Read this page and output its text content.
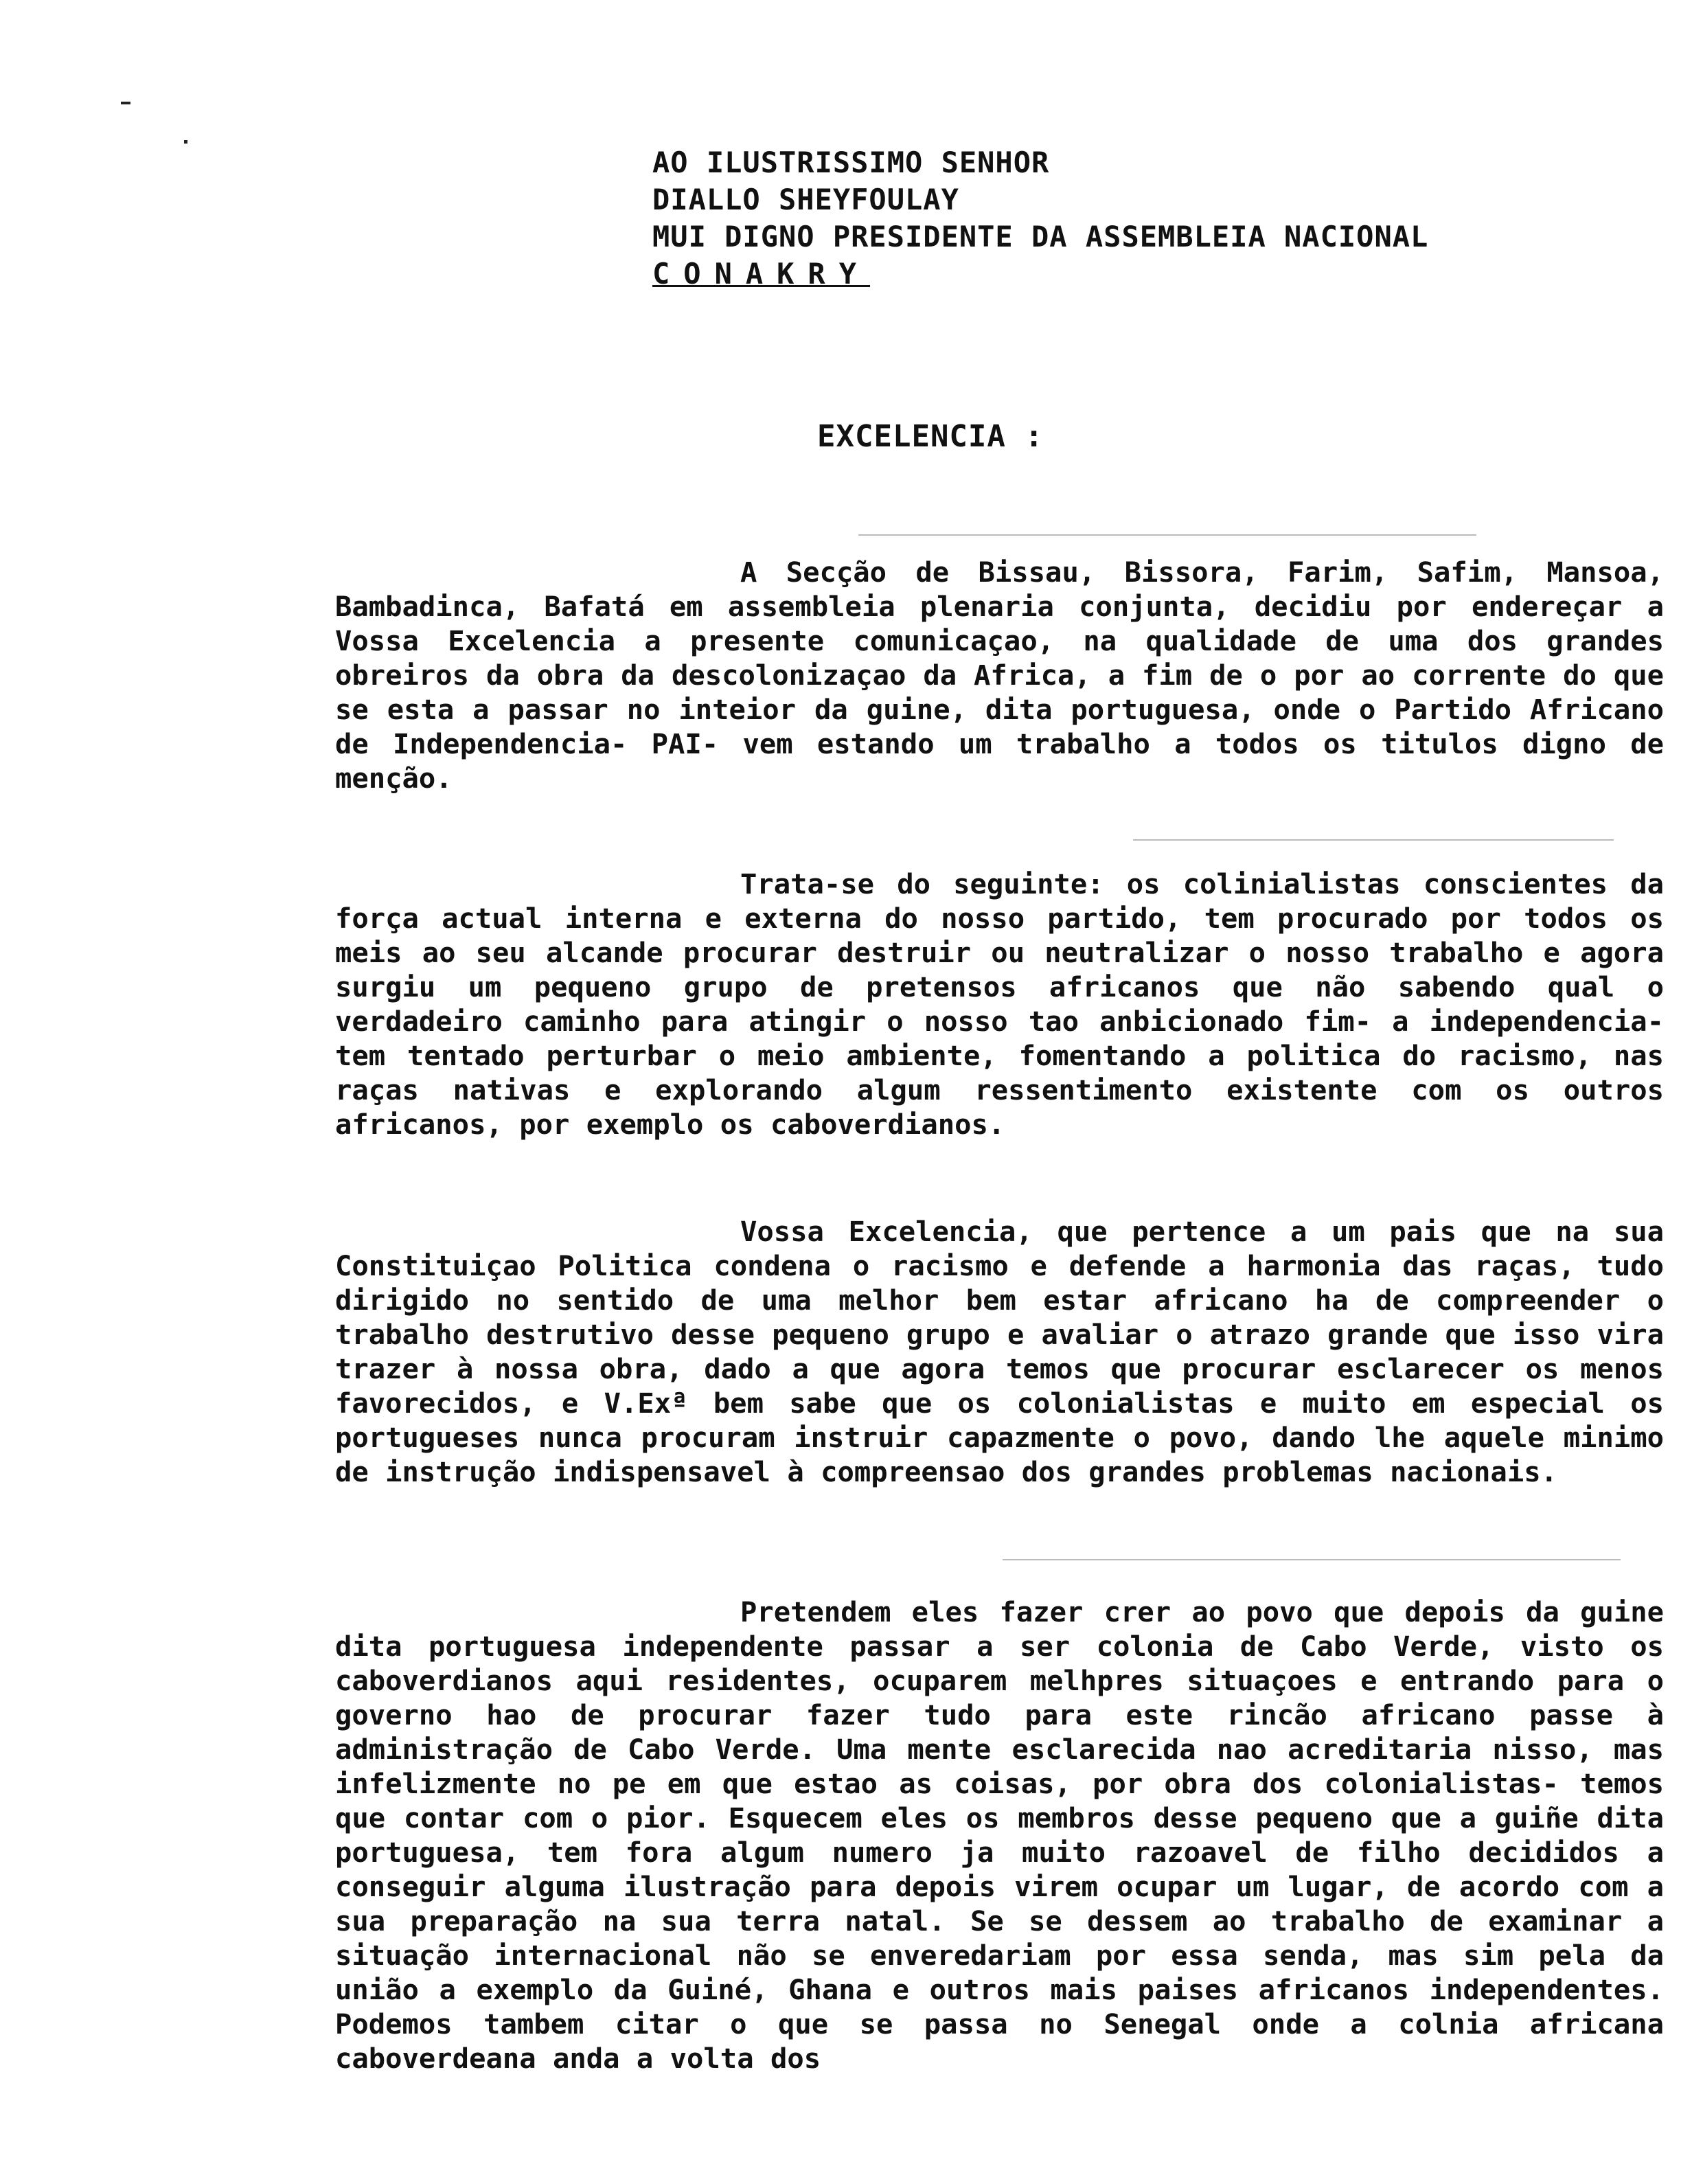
AO ILUSTRISSIMO SENHOR
DIALLO SHEYFOULAY
MUI DIGNO PRESIDENTE DA ASSEMBLEIA NACIONAL
CONAKRY
EXCELENCIA :
A Secção de Bissau, Bissora, Farim, Safim, Mansoa, Bambadinca, Bafatá em assembleia plenaria conjunta, decidiu por endereçar a Vossa Excelencia a presente comunicaçao, na qualidade de uma dos grandes obreiros da obra da descolonizaçao da Africa, a fim de o por ao corrente do que se esta a passar no inteior da guine, dita portuguesa, onde o Partido Africano de Independencia- PAI- vem estando um trabalho a todos os titulos digno de menção.
Trata-se do seguinte: os colinialistas conscientes da força actual interna e externa do nosso partido, tem procurado por todos os meis ao seu alcande procurar destruir ou neutralizar o nosso trabalho e agora surgiu um pequeno grupo de pretensos africanos que não sabendo qual o verdadeiro caminho para atingir o nosso tao anbicionado fim- a independencia- tem tentado perturbar o meio ambiente, fomentando a politica do racismo, nas raças nativas e explorando algum ressentimento existente com os outros africanos, por exemplo os caboverdianos.
Vossa Excelencia, que pertence a um pais que na sua Constituiçao Politica condena o racismo e defende a harmonia das raças, tudo dirigido no sentido de uma melhor bem estar africano ha de compreender o trabalho destrutivo desse pequeno grupo e avaliar o atrazo grande que isso vira trazer à nossa obra, dado a que agora temos que procurar esclarecer os menos favorecidos, e V.Exª bem sabe que os colonialistas e muito em especial os portugueses nunca procuram instruir capazmente o povo, dando lhe aquele minimo de instrução indispensavel à compreensao dos grandes problemas nacionais.
Pretendem eles fazer crer ao povo que depois da guine dita portuguesa independente passar a ser colonia de Cabo Verde, visto os caboverdianos aqui residentes, ocuparem melhpres situaçoes e entrando para o governo hao de procurar fazer tudo para este rincão africano passe à administração de Cabo Verde. Uma mente esclarecida nao acreditaria nisso, mas infelizmente no pe em que estao as coisas, por obra dos colonialistas- temos que contar com o pior. Esquecem eles os membros desse pequeno que a guiñe dita portuguesa, tem fora algum numero ja muito razoavel de filho decididos a conseguir alguma ilustração para depois virem ocupar um lugar, de acordo com a sua preparação na sua terra natal. Se se dessem ao trabalho de examinar a situação internacional não se enveredariam por essa senda, mas sim pela da união a exemplo da Guiné, Ghana e outros mais paises africanos independentes. Podemos tambem citar o que se passa no Senegal onde a colnia africana caboverdeana anda a volta dos
